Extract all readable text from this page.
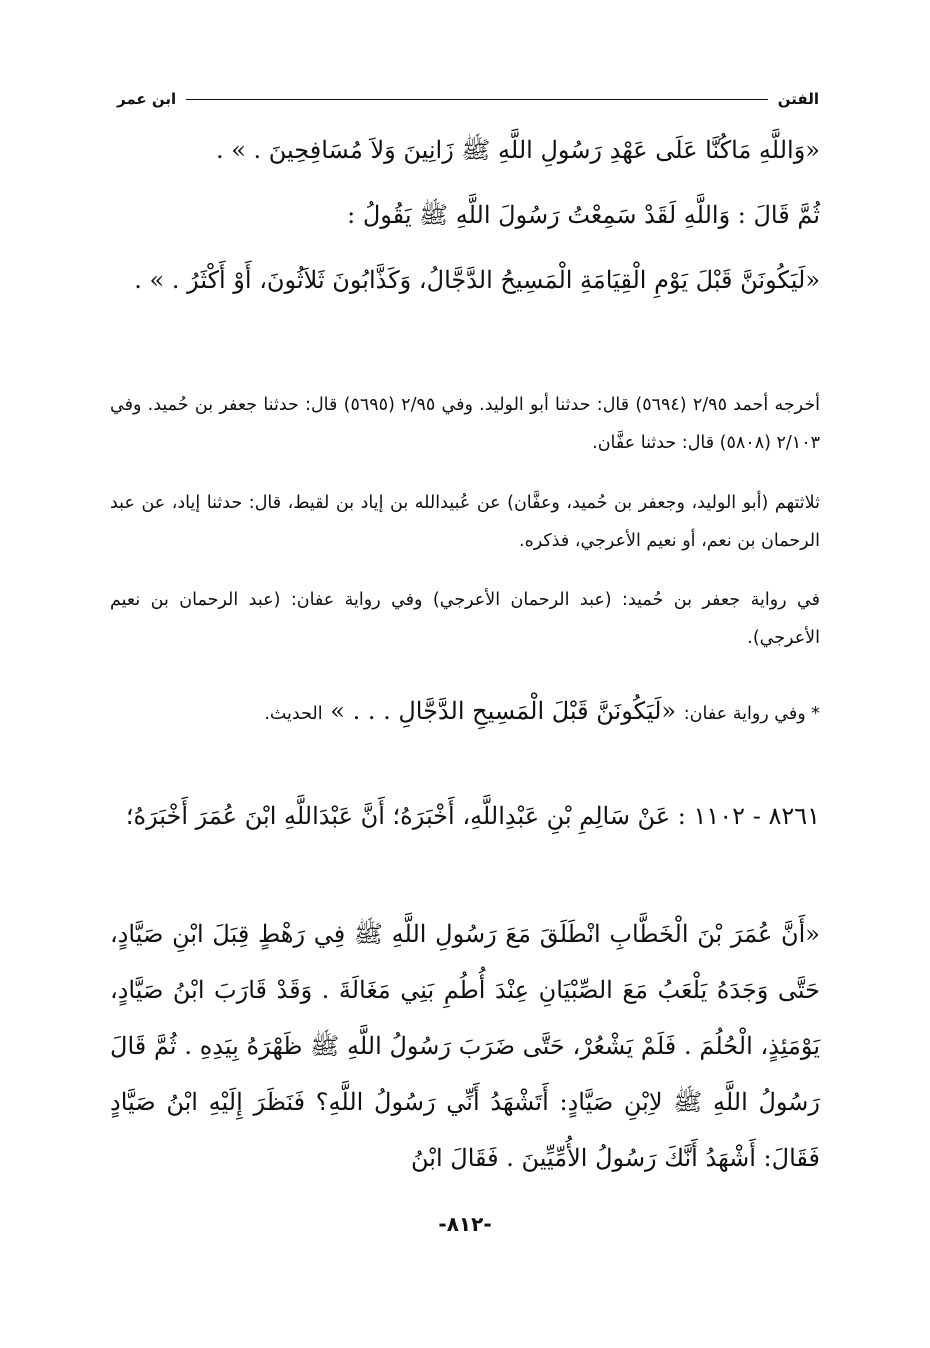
الفتن
ابن عمر
«وَاللَّهِ مَاكُنَّا عَلَى عَهْدِ رَسُولِ اللَّهِ ﷺ زَانِينَ وَلاَ مُسَافِحِينَ . » .
ثُمَّ قَالَ : وَاللَّهِ لَقَدْ سَمِعْتُ رَسُولَ اللَّهِ ﷺ يَقُولُ :
«لَيَكُونَنَّ قَبْلَ يَوْمِ الْقِيَامَةِ الْمَسِيحُ الدَّجَّالُ، وَكَذَّابُونَ ثَلاَثُونَ، أَوْ أَكْثَرُ . » .
أخرجه أحمد ٢/٩٥ (٥٦٩٤) قال: حدثنا أبو الوليد. وفي ٢/٩٥ (٥٦٩٥) قال: حدثنا جعفر بن حُميد. وفي ٢/١٠٣ (٥٨٠٨) قال: حدثنا عفَّان.
ثلاثتهم (أبو الوليد، وجعفر بن حُميد، وعفَّان) عن عُبيدالله بن إياد بن لقيط، قال: حدثنا إياد، عن عبد الرحمان بن نعم، أو نعيم الأعرجي، فذكره.
في رواية جعفر بن حُميد: (عبد الرحمان الأعرجي) وفي رواية عفان: (عبد الرحمان بن نعيم الأعرجي).
* وفي رواية عفان: «لَيَكُونَنَّ قَبْلَ الْمَسِيحِ الدَّجَّالِ . . . » الحديث.
٨٢٦١ - ١١٠٢ : عَنْ سَالِمِ بْنِ عَبْدِاللَّهِ، أَخْبَرَهُ؛ أَنَّ عَبْدَاللَّهِ ابْنَ عُمَرَ أَخْبَرَهُ؛
«أَنَّ عُمَرَ بْنَ الْخَطَّابِ انْطَلَقَ مَعَ رَسُولِ اللَّهِ ﷺ فِي رَهْطٍ قِبَلَ ابْنِ صَيَّادٍ، حَتَّى وَجَدَهُ يَلْعَبُ مَعَ الصِّبْيَانِ عِنْدَ أُطُمِ بَنِي مَغَالَةَ . وَقَدْ قَارَبَ ابْنُ صَيَّادٍ، يَوْمَئِذٍ، الْحُلُمَ . فَلَمْ يَشْعُرْ، حَتَّى ضَرَبَ رَسُولُ اللَّهِ ﷺ ظَهْرَهُ بِيَدِهِ . ثُمَّ قَالَ رَسُولُ اللَّهِ ﷺ لاِبْنِ صَيَّادٍ: أَتَشْهَدُ أَنِّي رَسُولُ اللَّهِ؟ فَنَظَرَ إِلَيْهِ ابْنُ صَيَّادٍ فَقَالَ: أَشْهَدُ أَنَّكَ رَسُولُ الأُمِّيِّينَ . فَقَالَ ابْنُ
-٨١٢-
